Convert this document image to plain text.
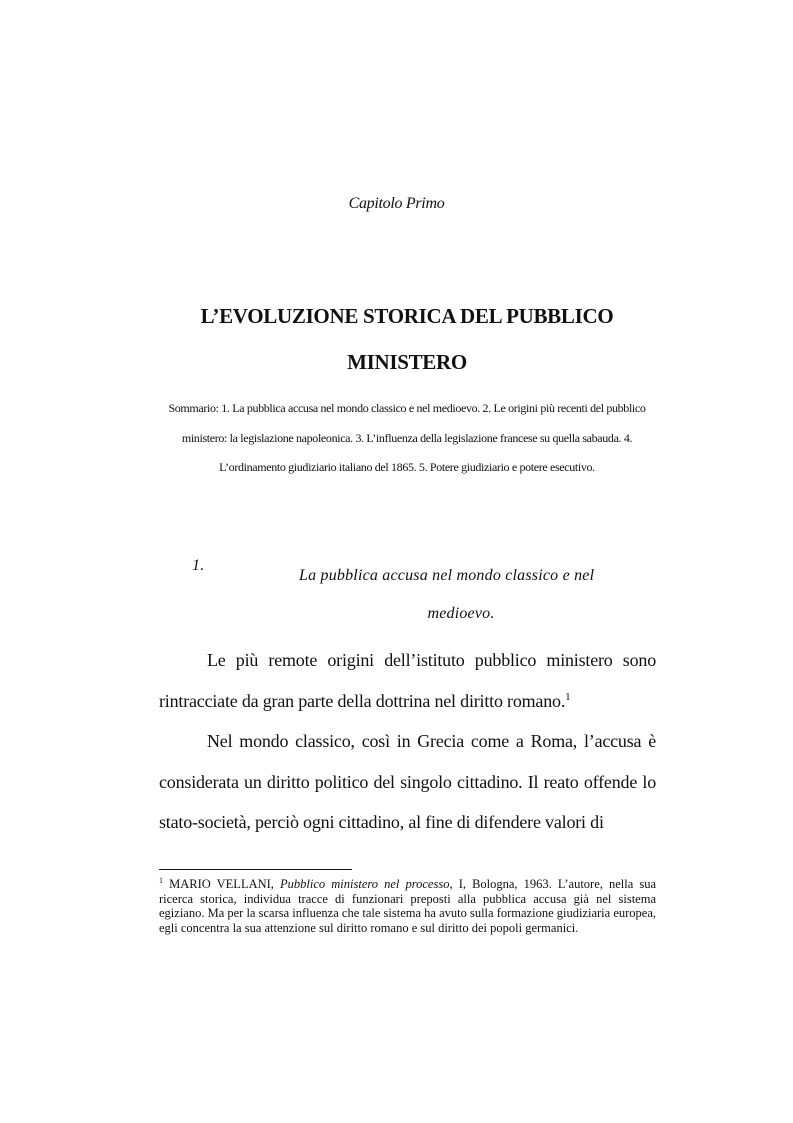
Capitolo Primo
L’EVOLUZIONE STORICA DEL PUBBLICO
MINISTERO
Sommario: 1. La pubblica accusa nel mondo classico e nel medioevo. 2. Le origini più recenti del pubblico ministero: la legislazione napoleonica. 3. L’influenza della legislazione francese su quella sabauda. 4. L’ordinamento giudiziario italiano del 1865. 5. Potere giudiziario e potere esecutivo.
1.
La pubblica accusa nel mondo classico e nel
medioevo.

Le più remote origini dell’istituto pubblico ministero sono rintracciate da gran parte della dottrina nel diritto romano.$^1$

Nel mondo classico, così in Grecia come a Roma, l’accusa è considerata un diritto politico del singolo cittadino. Il reato offende lo stato-società, perciò ogni cittadino, al fine di difendere valori di

$^1$ MARIO VELLANI, Pubblico ministero nel processo, I, Bologna, 1963. L’autore, nella sua ricerca storica, individua tracce di funzionari preposti alla pubblica accusa già nel sistema egiziano. Ma per la scarsa influenza che tale sistema ha avuto sulla formazione giudiziaria europea, egli concentra la sua attenzione sul diritto romano e sul diritto dei popoli germanici.
